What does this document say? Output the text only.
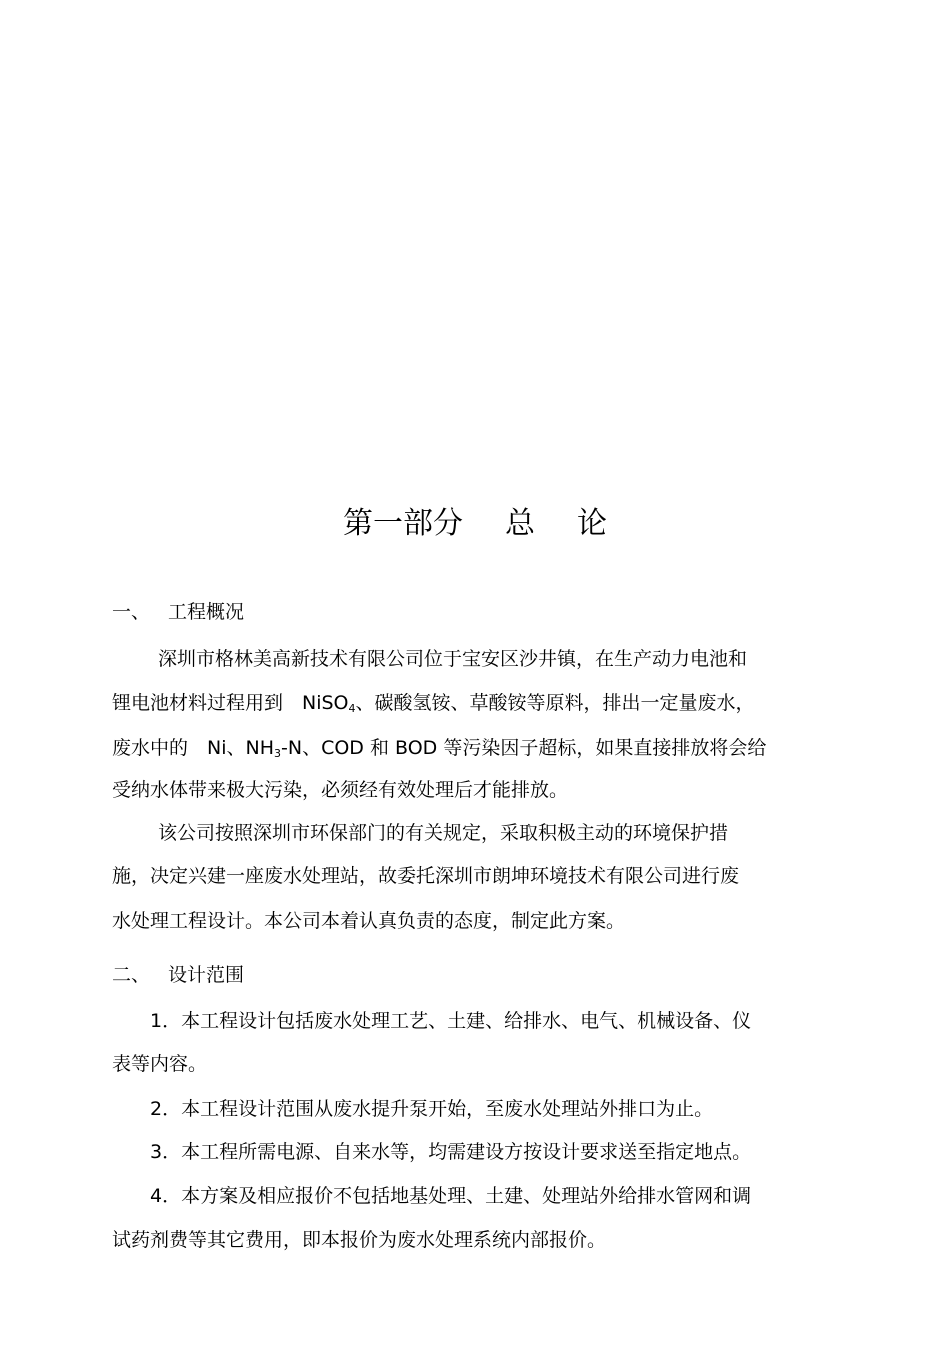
第一部分 总 论
一、 工程概况
深圳市格林美高新技术有限公司位于宝安区沙井镇，在生产动力电池和
锂电池材料过程用到　NiSO$_4$、碳酸氢铵、草酸铵等原料，排出一定量废水，
废水中的　Ni、$NH_3-N$、COD 和 BOD 等污染因子超标，如果直接排放将会给
受纳水体带来极大污染，必须经有效处理后才能排放。
该公司按照深圳市环保部门的有关规定，采取积极主动的环境保护措
施，决定兴建一座废水处理站，故委托深圳市朗坤环境技术有限公司进行废
水处理工程设计。本公司本着认真负责的态度，制定此方案。
二、 设计范围
1．本工程设计包括废水处理工艺、土建、给排水、电气、机械设备、仪
表等内容。
2．本工程设计范围从废水提升泵开始，至废水处理站外排口为止。
3．本工程所需电源、自来水等，均需建设方按设计要求送至指定地点。
4．本方案及相应报价不包括地基处理、土建、处理站外给排水管网和调
试药剂费等其它费用，即本报价为废水处理系统内部报价。
